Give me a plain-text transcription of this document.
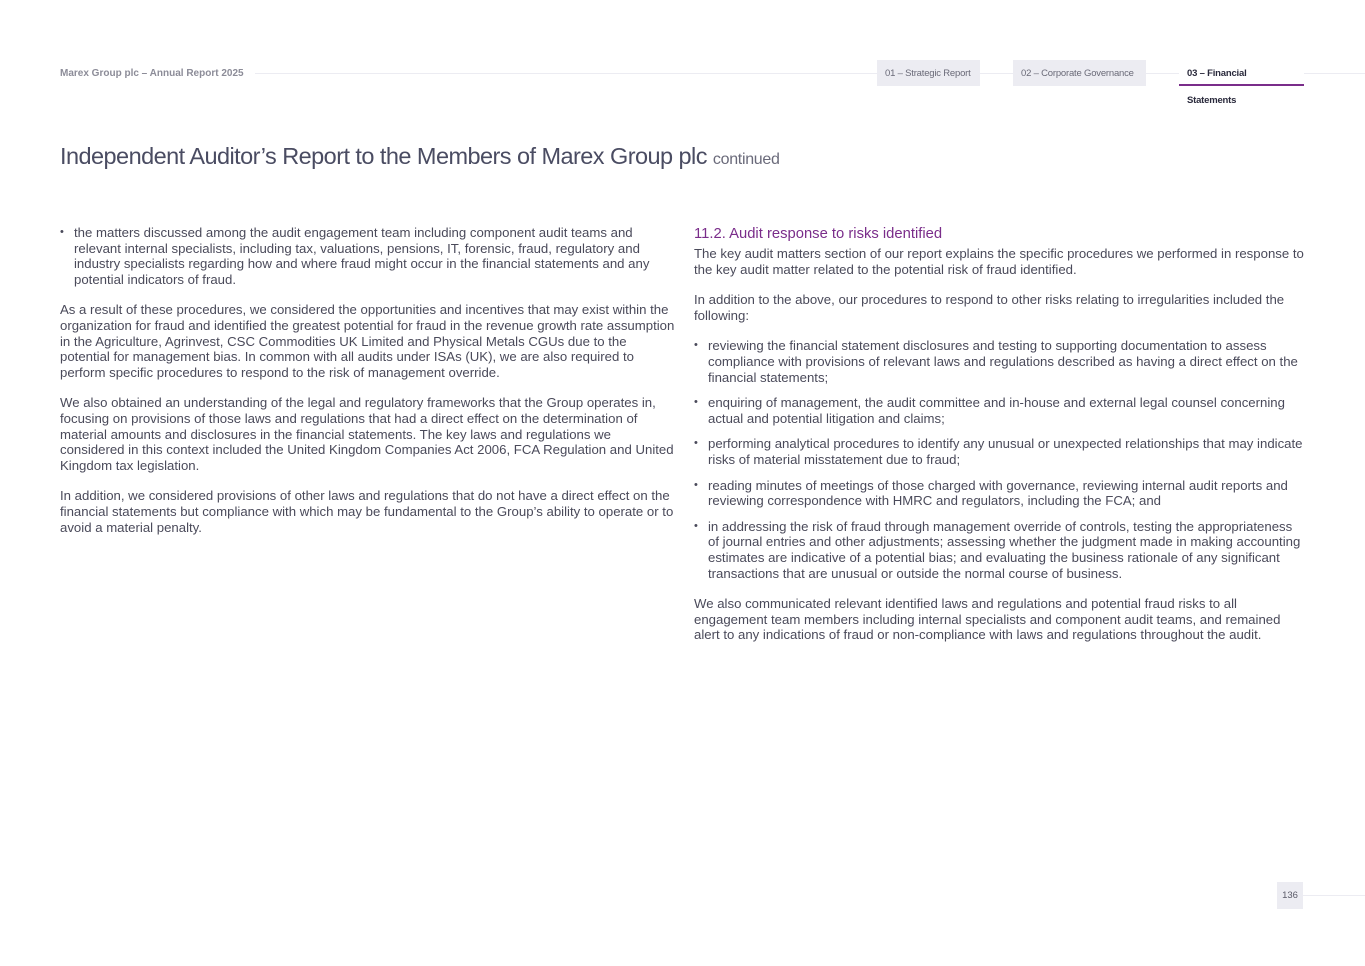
Marex Group plc – Annual Report 2025	01 – Strategic Report	02 – Corporate Governance	03 – Financial Statements
Independent Auditor’s Report to the Members of Marex Group plc continued
• the matters discussed among the audit engagement team including component audit teams and relevant internal specialists, including tax, valuations, pensions, IT, forensic, fraud, regulatory and industry specialists regarding how and where fraud might occur in the financial statements and any potential indicators of fraud.

As a result of these procedures, we considered the opportunities and incentives that may exist within the organization for fraud and identified the greatest potential for fraud in the revenue growth rate assumption in the Agriculture, Agrinvest, CSC Commodities UK Limited and Physical Metals CGUs due to the potential for management bias. In common with all audits under ISAs (UK), we are also required to perform specific procedures to respond to the risk of management override.

We also obtained an understanding of the legal and regulatory frameworks that the Group operates in, focusing on provisions of those laws and regulations that had a direct effect on the determination of material amounts and disclosures in the financial statements. The key laws and regulations we considered in this context included the United Kingdom Companies Act 2006, FCA Regulation and United Kingdom tax legislation.

In addition, we considered provisions of other laws and regulations that do not have a direct effect on the financial statements but compliance with which may be fundamental to the Group’s ability to operate or to avoid a material penalty.

11.2. Audit response to risks identified

The key audit matters section of our report explains the specific procedures we performed in response to the key audit matter related to the potential risk of fraud identified.

In addition to the above, our procedures to respond to other risks relating to irregularities included the following:

• reviewing the financial statement disclosures and testing to supporting documentation to assess compliance with provisions of relevant laws and regulations described as having a direct effect on the financial statements;
• enquiring of management, the audit committee and in-house and external legal counsel concerning actual and potential litigation and claims;
• performing analytical procedures to identify any unusual or unexpected relationships that may indicate risks of material misstatement due to fraud;
• reading minutes of meetings of those charged with governance, reviewing internal audit reports and reviewing correspondence with HMRC and regulators, including the FCA; and
• in addressing the risk of fraud through management override of controls, testing the appropriateness of journal entries and other adjustments; assessing whether the judgment made in making accounting estimates are indicative of a potential bias; and evaluating the business rationale of any significant transactions that are unusual or outside the normal course of business.

We also communicated relevant identified laws and regulations and potential fraud risks to all engagement team members including internal specialists and component audit teams, and remained alert to any indications of fraud or non-compliance with laws and regulations throughout the audit.

136
